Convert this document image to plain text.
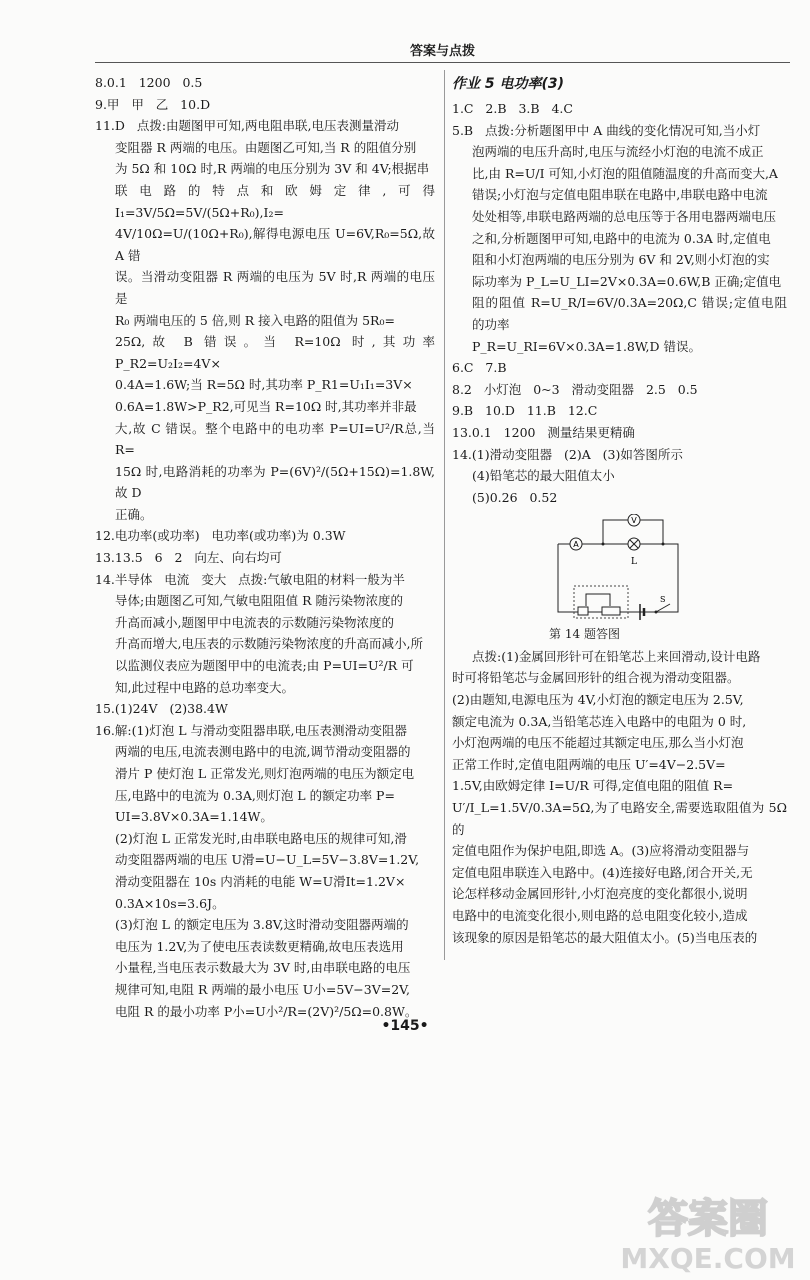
答案与点拨
8.0.1   1200   0.5
9.甲   甲   乙   10.D
11.D   点拨:由题图甲可知,两电阻串联,电压表测量滑动
变阻器 R 两端的电压。由题图乙可知,当 R 的阻值分别
为 5Ω 和 10Ω 时,R 两端的电压分别为 3V 和 4V;根据串
联电路的特点和欧姆定律,可得 I₁=3V/5Ω=5V/(5Ω+R₀),I₂=
4V/10Ω=U/(10Ω+R₀),解得电源电压 U=6V,R₀=5Ω,故 A 错
误。当滑动变阻器 R 两端的电压为 5V 时,R 两端的电压是
R₀ 两端电压的 5 倍,则 R 接入电路的阻值为 5R₀=
25Ω,故 B 错误。当 R=10Ω 时,其功率 P_R2=U₂I₂=4V×
0.4A=1.6W;当 R=5Ω 时,其功率 P_R1=U₁I₁=3V×
0.6A=1.8W>P_R2,可见当 R=10Ω 时,其功率并非最
大,故 C 错误。整个电路中的电功率 P=UI=U²/R总,当 R=
15Ω 时,电路消耗的功率为 P=(6V)²/(5Ω+15Ω)=1.8W,故 D
正确。
12.电功率(或功率)   电功率(或功率)为 0.3W
13.13.5   6   2   向左、向右均可
14.半导体   电流   变大   点拨:气敏电阻的材料一般为半
导体;由题图乙可知,气敏电阻阻值 R 随污染物浓度的
升高而减小,题图甲中电流表的示数随污染物浓度的
升高而增大,电压表的示数随污染物浓度的升高而减小,所
以监测仪表应为题图甲中的电流表;由 P=UI=U²/R 可
知,此过程中电路的总功率变大。
15.(1)24V   (2)38.4W
16.解:(1)灯泡 L 与滑动变阻器串联,电压表测滑动变阻器
两端的电压,电流表测电路中的电流,调节滑动变阻器的
滑片 P 使灯泡 L 正常发光,则灯泡两端的电压为额定电
压,电路中的电流为 0.3A,则灯泡 L 的额定功率 P=
UI=3.8V×0.3A=1.14W。
(2)灯泡 L 正常发光时,由串联电路电压的规律可知,滑
动变阻器两端的电压 U滑=U−U_L=5V−3.8V=1.2V,
滑动变阻器在 10s 内消耗的电能 W=U滑It=1.2V×
0.3A×10s=3.6J。
(3)灯泡 L 的额定电压为 3.8V,这时滑动变阻器两端的
电压为 1.2V,为了使电压表读数更精确,故电压表选用
小量程,当电压表示数最大为 3V 时,由串联电路的电压
规律可知,电阻 R 两端的最小电压 U小=5V−3V=2V,
电阻 R 的最小功率 P小=U小²/R=(2V)²/5Ω=0.8W。
作业 5 电功率(3)
1.C   2.B   3.B   4.C
5.B   点拨:分析题图甲中 A 曲线的变化情况可知,当小灯
泡两端的电压升高时,电压与流经小灯泡的电流不成正
比,由 R=U/I 可知,小灯泡的阻值随温度的升高而变大,A
错误;小灯泡与定值电阻串联在电路中,串联电路中电流
处处相等,串联电路两端的总电压等于各用电器两端电压
之和,分析题图甲可知,电路中的电流为 0.3A 时,定值电
阻和小灯泡两端的电压分别为 6V 和 2V,则小灯泡的实
际功率为 P_L=U_LI=2V×0.3A=0.6W,B 正确;定值电
阻的阻值 R=U_R/I=6V/0.3A=20Ω,C 错误;定值电阻的功率
P_R=U_RI=6V×0.3A=1.8W,D 错误。
6.C   7.B
8.2   小灯泡   0~3   滑动变阻器   2.5   0.5
9.B   10.D   11.B   12.C
13.0.1   1200   测量结果更精确
14.(1)滑动变阻器   (2)A   (3)如答图所示
(4)铅笔芯的最大阻值太小
(5)0.26   0.52
V
A
L
S
第 14 题答图
点拨:(1)金属回形针可在铅笔芯上来回滑动,设计电路
时可将铅笔芯与金属回形针的组合视为滑动变阻器。
(2)由题知,电源电压为 4V,小灯泡的额定电压为 2.5V,
额定电流为 0.3A,当铅笔芯连入电路中的电阻为 0 时,
小灯泡两端的电压不能超过其额定电压,那么当小灯泡
正常工作时,定值电阻两端的电压 U′=4V−2.5V=
1.5V,由欧姆定律 I=U/R 可得,定值电阻的阻值 R=
U′/I_L=1.5V/0.3A=5Ω,为了电路安全,需要选取阻值为 5Ω 的
定值电阻作为保护电阻,即选 A。(3)应将滑动变阻器与
定值电阻串联连入电路中。(4)连接好电路,闭合开关,无
论怎样移动金属回形针,小灯泡亮度的变化都很小,说明
电路中的电流变化很小,则电路的总电阻变化较小,造成
该现象的原因是铅笔芯的最大阻值太小。(5)当电压表的
•145•
答案圈
MXQE.COM
